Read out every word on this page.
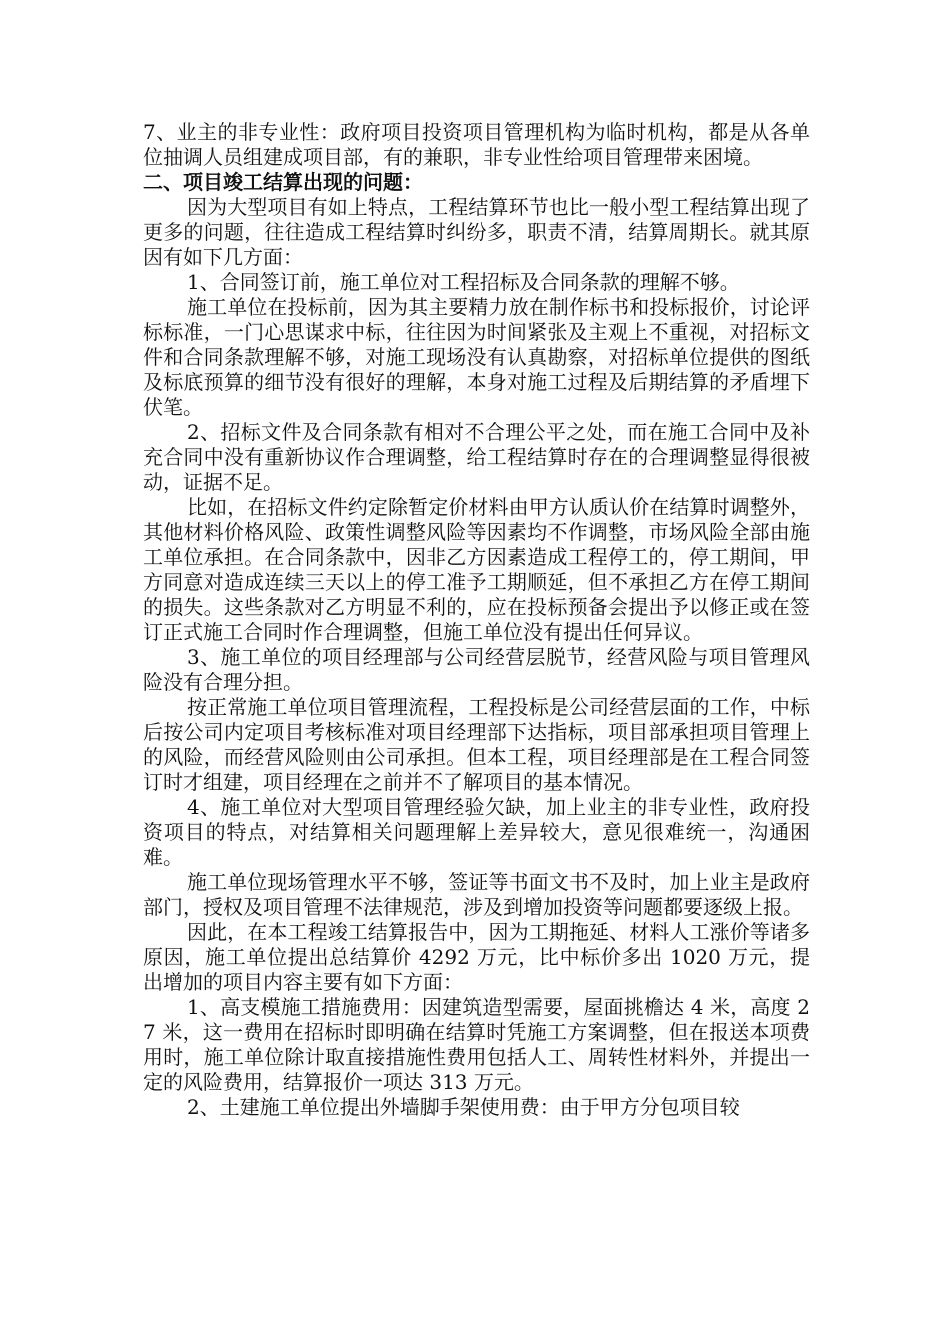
7、业主的非专业性：政府项目投资项目管理机构为临时机构，都是从各单位抽调人员组建成项目部，有的兼职，非专业性给项目管理带来困境。

二、项目竣工结算出现的问题：

因为大型项目有如上特点，工程结算环节也比一般小型工程结算出现了更多的问题，往往造成工程结算时纠纷多，职责不清，结算周期长。就其原因有如下几方面：

1、合同签订前，施工单位对工程招标及合同条款的理解不够。

施工单位在投标前，因为其主要精力放在制作标书和投标报价，讨论评标标准，一门心思谋求中标，往往因为时间紧张及主观上不重视，对招标文件和合同条款理解不够，对施工现场没有认真勘察，对招标单位提供的图纸及标底预算的细节没有很好的理解，本身对施工过程及后期结算的矛盾埋下伏笔。

2、招标文件及合同条款有相对不合理公平之处，而在施工合同中及补充合同中没有重新协议作合理调整，给工程结算时存在的合理调整显得很被动，证据不足。

比如，在招标文件约定除暂定价材料由甲方认质认价在结算时调整外，其他材料价格风险、政策性调整风险等因素均不作调整，市场风险全部由施工单位承担。在合同条款中，因非乙方因素造成工程停工的，停工期间，甲方同意对造成连续三天以上的停工准予工期顺延，但不承担乙方在停工期间的损失。这些条款对乙方明显不利的，应在投标预备会提出予以修正或在签订正式施工合同时作合理调整，但施工单位没有提出任何异议。

3、施工单位的项目经理部与公司经营层脱节，经营风险与项目管理风险没有合理分担。

按正常施工单位项目管理流程，工程投标是公司经营层面的工作，中标后按公司内定项目考核标准对项目经理部下达指标，项目部承担项目管理上的风险，而经营风险则由公司承担。但本工程，项目经理部是在工程合同签订时才组建，项目经理在之前并不了解项目的基本情况。

4、施工单位对大型项目管理经验欠缺，加上业主的非专业性，政府投资项目的特点，对结算相关问题理解上差异较大，意见很难统一，沟通困难。

施工单位现场管理水平不够，签证等书面文书不及时，加上业主是政府部门，授权及项目管理不法律规范，涉及到增加投资等问题都要逐级上报。

因此，在本工程竣工结算报告中，因为工期拖延、材料人工涨价等诸多原因，施工单位提出总结算价 4292 万元，比中标价多出 1020 万元，提出增加的项目内容主要有如下方面：

1、高支模施工措施费用：因建筑造型需要，屋面挑檐达 4 米，高度 27 米，这一费用在招标时即明确在结算时凭施工方案调整，但在报送本项费用时，施工单位除计取直接措施性费用包括人工、周转性材料外，并提出一定的风险费用，结算报价一项达 313 万元。

2、土建施工单位提出外墙脚手架使用费：由于甲方分包项目较
